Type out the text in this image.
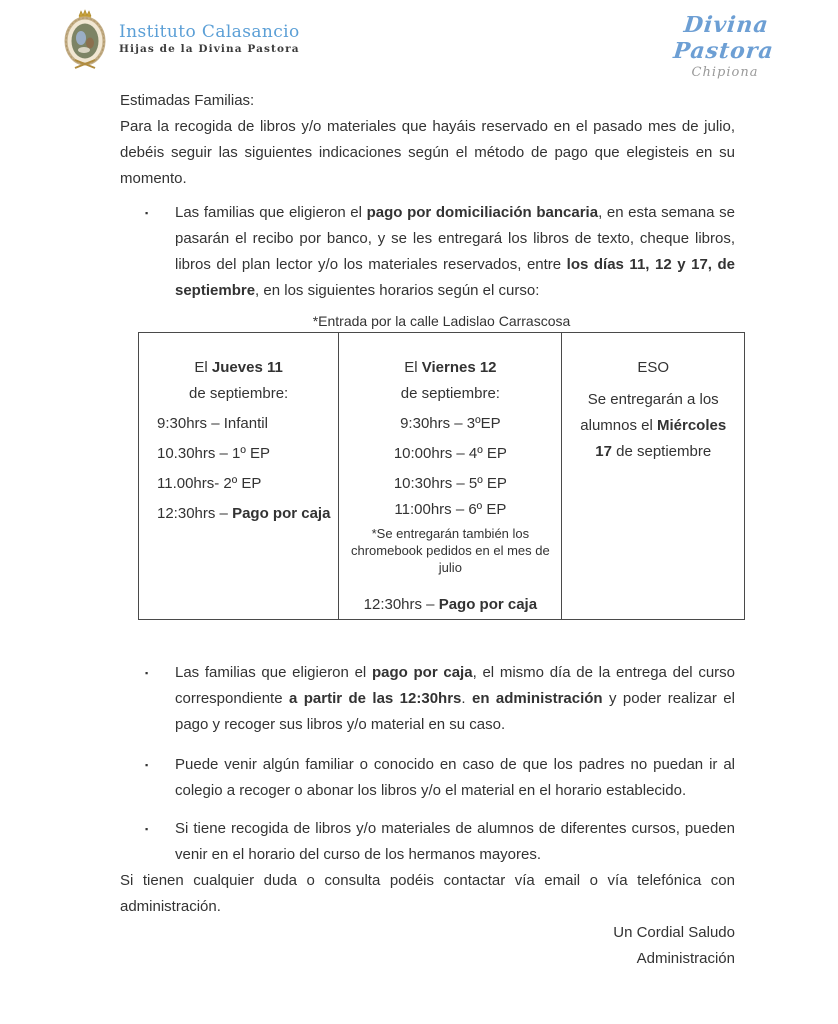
Instituto Calasancio
Hijas de la Divina Pastora
Divina Pastora
Chipiona

Estimadas Familias:

Para la recogida de libros y/o materiales que hayáis reservado en el pasado mes de julio, debéis seguir las siguientes indicaciones según el método de pago que elegisteis en su momento.

▪	Las familias que eligieron el pago por domiciliación bancaria, en esta semana se pasarán el recibo por banco, y se les entregará los libros de texto, cheque libros, libros del plan lector y/o los materiales reservados, entre los días 11, 12 y 17, de septiembre, en los siguientes horarios según el curso:
*Entrada por la calle Ladislao Carrascosa
El Jueves 11
de septiembre:
9:30hrs – Infantil
10.30hrs – 1º EP
11.00hrs- 2º EP
12:30hrs – Pago por caja
El Viernes 12
de septiembre:
9:30hrs – 3ºEP
10:00hrs – 4º EP
10:30hrs – 5º EP
11:00hrs – 6º EP
*Se entregarán también los chromebook pedidos en el mes de julio
12:30hrs – Pago por caja
ESO
Se entregarán a los
alumnos el Miércoles
17 de septiembre
▪	Las familias que eligieron el pago por caja, el mismo día de la entrega del curso correspondiente a partir de las 12:30hrs. en administración y poder realizar el pago y recoger sus libros y/o material en su caso.
▪	Puede venir algún familiar o conocido en caso de que los padres no puedan ir al colegio a recoger o abonar los libros y/o el material en el horario establecido.
▪	Si tiene recogida de libros y/o materiales de alumnos de diferentes cursos, pueden venir en el horario del curso de los hermanos mayores.

Si tienen cualquier duda o consulta podéis contactar vía email o vía telefónica con administración.

Un Cordial Saludo

Administración
